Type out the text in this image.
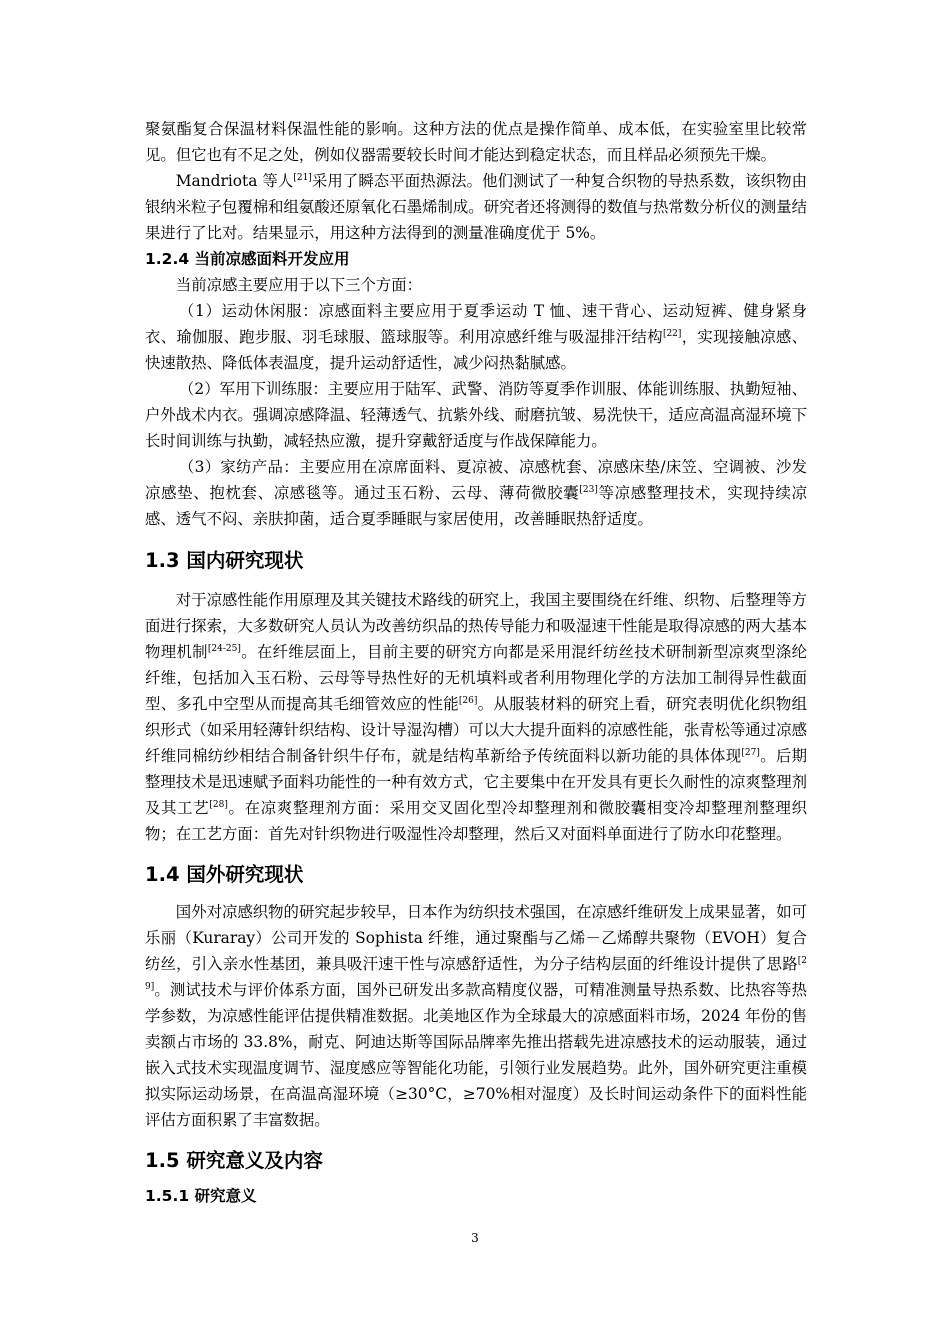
聚氨酯复合保温材料保温性能的影响。这种方法的优点是操作简单、成本低，在实验室里比较常见。但它也有不足之处，例如仪器需要较长时间才能达到稳定状态，而且样品必须预先干燥。

Mandriota 等人[21]采用了瞬态平面热源法。他们测试了一种复合织物的导热系数，该织物由银纳米粒子包覆棉和组氨酸还原氧化石墨烯制成。研究者还将测得的数值与热常数分析仪的测量结果进行了比对。结果显示，用这种方法得到的测量准确度优于 5%。

1.2.4 当前凉感面料开发应用

当前凉感主要应用于以下三个方面：

（1）运动休闲服：凉感面料主要应用于夏季运动 T 恤、速干背心、运动短裤、健身紧身衣、瑜伽服、跑步服、羽毛球服、篮球服等。利用凉感纤维与吸湿排汗结构[22]，实现接触凉感、快速散热、降低体表温度，提升运动舒适性，减少闷热黏腻感。

（2）军用下训练服：主要应用于陆军、武警、消防等夏季作训服、体能训练服、执勤短袖、户外战术内衣。强调凉感降温、轻薄透气、抗紫外线、耐磨抗皱、易洗快干，适应高温高湿环境下长时间训练与执勤，减轻热应激，提升穿戴舒适度与作战保障能力。

（3）家纺产品：主要应用在凉席面料、夏凉被、凉感枕套、凉感床垫/床笠、空调被、沙发凉感垫、抱枕套、凉感毯等。通过玉石粉、云母、薄荷微胶囊[23]等凉感整理技术，实现持续凉感、透气不闷、亲肤抑菌，适合夏季睡眠与家居使用，改善睡眠热舒适度。

1.3 国内研究现状

对于凉感性能作用原理及其关键技术路线的研究上，我国主要围绕在纤维、织物、后整理等方面进行探索，大多数研究人员认为改善纺织品的热传导能力和吸湿速干性能是取得凉感的两大基本物理机制[24-25]。在纤维层面上，目前主要的研究方向都是采用混纤纺丝技术研制新型凉爽型涤纶纤维，包括加入玉石粉、云母等导热性好的无机填料或者利用物理化学的方法加工制得异性截面型、多孔中空型从而提高其毛细管效应的性能[26]。从服装材料的研究上看，研究表明优化织物组织形式（如采用轻薄针织结构、设计导湿沟槽）可以大大提升面料的凉感性能，张青松等通过凉感纤维同棉纺纱相结合制备针织牛仔布，就是结构革新给予传统面料以新功能的具体体现[27]。后期整理技术是迅速赋予面料功能性的一种有效方式，它主要集中在开发具有更长久耐性的凉爽整理剂及其工艺[28]。在凉爽整理剂方面：采用交叉固化型冷却整理剂和微胶囊相变冷却整理剂整理织物；在工艺方面：首先对针织物进行吸湿性冷却整理，然后又对面料单面进行了防水印花整理。

1.4 国外研究现状

国外对凉感织物的研究起步较早，日本作为纺织技术强国，在凉感纤维研发上成果显著，如可乐丽（Kuraray）公司开发的 Sophista 纤维，通过聚酯与乙烯－乙烯醇共聚物（EVOH）复合纺丝，引入亲水性基团，兼具吸汗速干性与凉感舒适性，为分子结构层面的纤维设计提供了思路[29]。测试技术与评价体系方面，国外已研发出多款高精度仪器，可精准测量导热系数、比热容等热学参数，为凉感性能评估提供精准数据。北美地区作为全球最大的凉感面料市场，2024 年份的售卖额占市场的 33.8%，耐克、阿迪达斯等国际品牌率先推出搭载先进凉感技术的运动服装，通过嵌入式技术实现温度调节、湿度感应等智能化功能，引领行业发展趋势。此外，国外研究更注重模拟实际运动场景，在高温高湿环境（≥30°C，≥70%相对湿度）及长时间运动条件下的面料性能评估方面积累了丰富数据。

1.5 研究意义及内容
1.5.1 研究意义
3
